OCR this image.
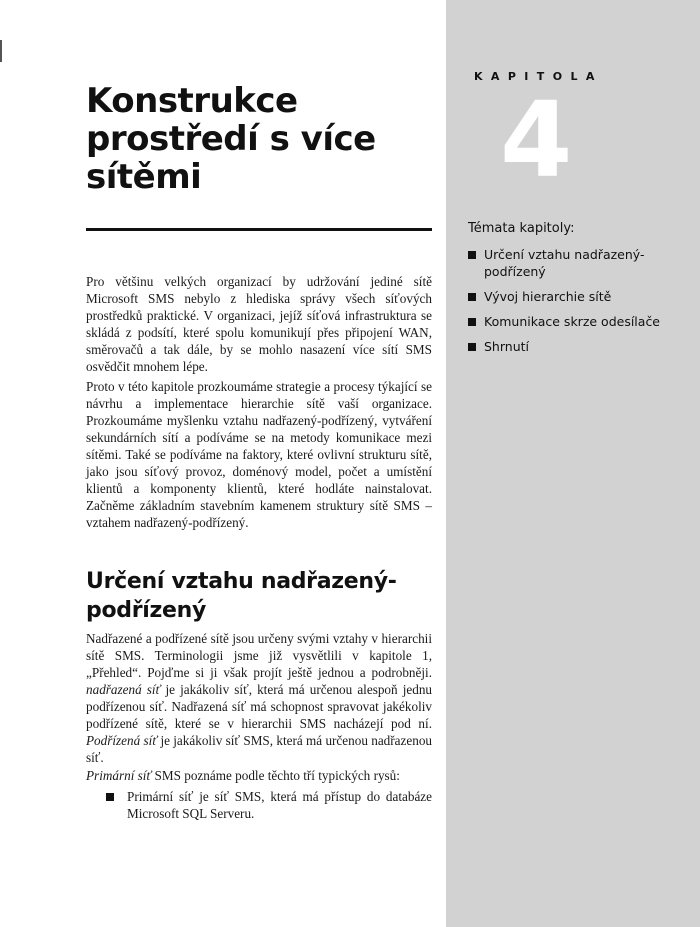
KAPITOLA
4
Témata kapitoly:
Určení vztahu nadřazený-podřízený
Vývoj hierarchie sítě
Komunikace skrze odesílače
Shrnutí
Konstrukce prostředí s více sítěmi

Pro většinu velkých organizací by udržování jediné sítě Microsoft SMS nebylo z hlediska správy všech síťových prostředků praktické. V organizaci, jejíž síťová infrastruktura se skládá z podsítí, které spolu komunikují přes připojení WAN, směrovačů a tak dále, by se mohlo nasazení více sítí SMS osvědčit mnohem lépe.

Proto v této kapitole prozkoumáme strategie a procesy týkající se návrhu a implementace hierarchie sítě vaší organizace. Prozkoumáme myšlenku vztahu nadřazený-podřízený, vytváření sekundárních sítí a podíváme se na metody komunikace mezi sítěmi. Také se podíváme na faktory, které ovlivní strukturu sítě, jako jsou síťový provoz, doménový model, počet a umístění klientů a komponenty klientů, které hodláte nainstalovat. Začněme základním stavebním kamenem struktury sítě SMS – vztahem nadřazený-podřízený.

Určení vztahu nadřazený-podřízený

Nadřazené a podřízené sítě jsou určeny svými vztahy v hierarchii sítě SMS. Terminologii jsme již vysvětlili v kapitole 1, „Přehled“. Pojďme si ji však projít ještě jednou a podrobněji. nadřazená síť je jakákoliv síť, která má určenou alespoň jednu podřízenou síť. Nadřazená síť má schopnost spravovat jakékoliv podřízené sítě, které se v hierarchii SMS nacházejí pod ní. Podřízená síť je jakákoliv síť SMS, která má určenou nadřazenou síť.

Primární síť SMS poznáme podle těchto tří typických rysů:

Primární síť je síť SMS, která má přístup do databáze Microsoft SQL Serveru.
